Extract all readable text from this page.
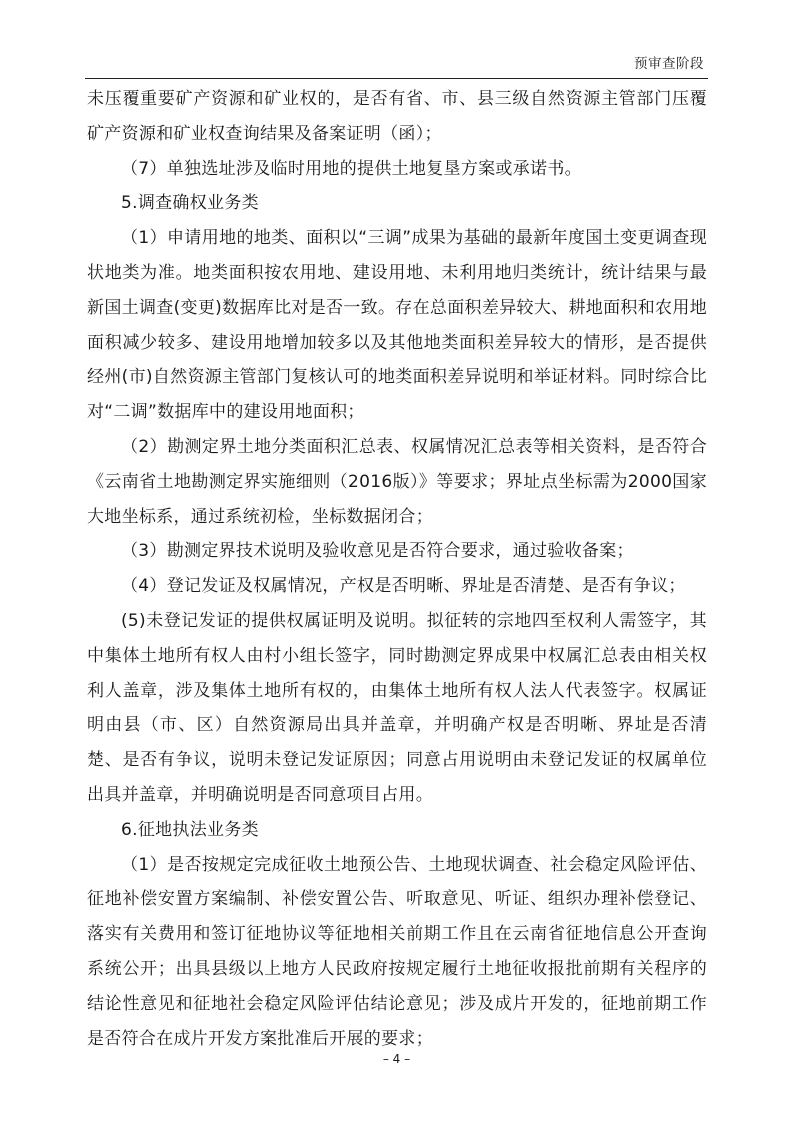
预审查阶段

未压覆重要矿产资源和矿业权的，是否有省、市、县三级自然资源主管部门压覆矿产资源和矿业权查询结果及备案证明（函）；

（7）单独选址涉及临时用地的提供土地复垦方案或承诺书。

5.调查确权业务类

（1）申请用地的地类、面积以“三调”成果为基础的最新年度国土变更调查现状地类为准。地类面积按农用地、建设用地、未利用地归类统计，统计结果与最新国土调查(变更)数据库比对是否一致。存在总面积差异较大、耕地面积和农用地面积减少较多、建设用地增加较多以及其他地类面积差异较大的情形，是否提供经州(市)自然资源主管部门复核认可的地类面积差异说明和举证材料。同时综合比对“二调”数据库中的建设用地面积；

（2）勘测定界土地分类面积汇总表、权属情况汇总表等相关资料，是否符合《云南省土地勘测定界实施细则（2016版）》等要求；界址点坐标需为2000国家大地坐标系，通过系统初检，坐标数据闭合；

（3）勘测定界技术说明及验收意见是否符合要求，通过验收备案；

（4）登记发证及权属情况，产权是否明晰、界址是否清楚、是否有争议；

(5)未登记发证的提供权属证明及说明。拟征转的宗地四至权利人需签字，其中集体土地所有权人由村小组长签字，同时勘测定界成果中权属汇总表由相关权利人盖章，涉及集体土地所有权的，由集体土地所有权人法人代表签字。权属证明由县（市、区）自然资源局出具并盖章，并明确产权是否明晰、界址是否清楚、是否有争议，说明未登记发证原因；同意占用说明由未登记发证的权属单位出具并盖章，并明确说明是否同意项目占用。

6.征地执法业务类

（1）是否按规定完成征收土地预公告、土地现状调查、社会稳定风险评估、征地补偿安置方案编制、补偿安置公告、听取意见、听证、组织办理补偿登记、落实有关费用和签订征地协议等征地相关前期工作且在云南省征地信息公开查询系统公开；出具县级以上地方人民政府按规定履行土地征收报批前期有关程序的结论性意见和征地社会稳定风险评估结论意见；涉及成片开发的，征地前期工作是否符合在成片开发方案批准后开展的要求；

– 4 –
